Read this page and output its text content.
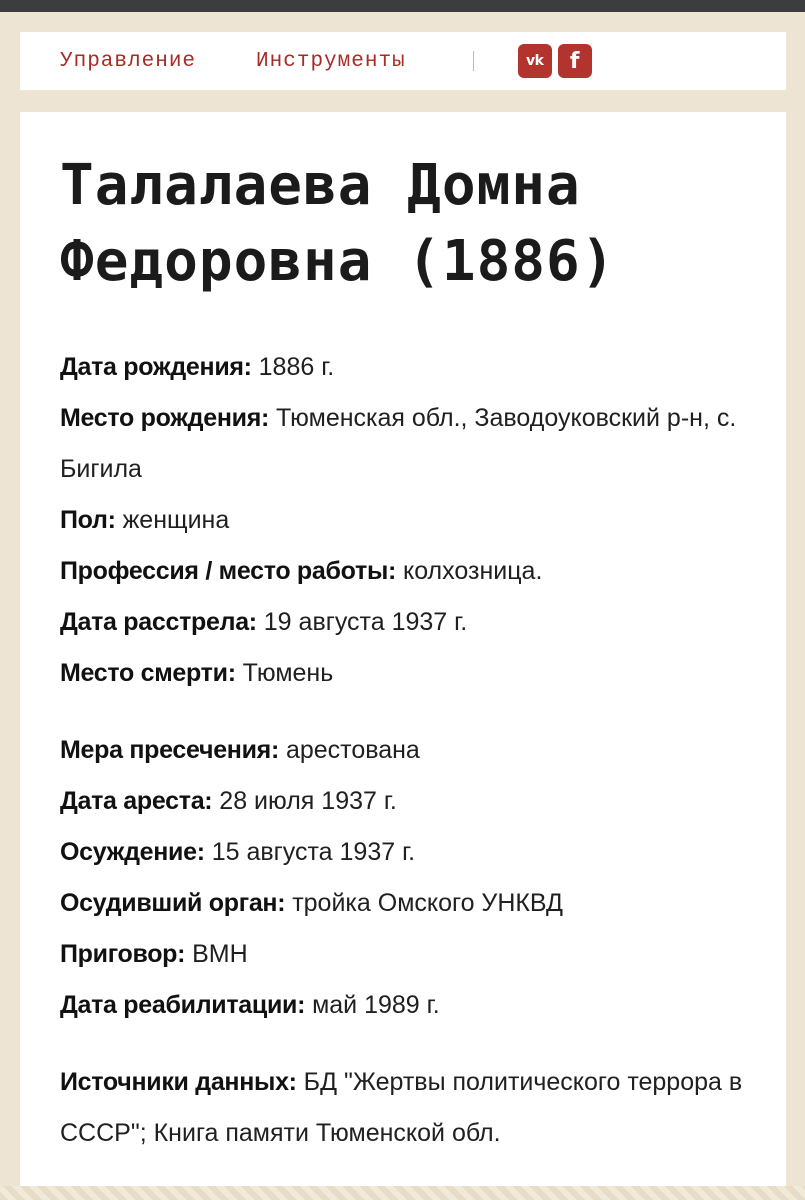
Управление	Инструменты	vk	f
Талалаева Домна Федоровна (1886)
Дата рождения: 1886 г.
Место рождения: Тюменская обл., Заводоуковский р-н, с. Бигила
Пол: женщина
Профессия / место работы: колхозница.
Дата расстрела: 19 августа 1937 г.
Место смерти: Тюмень
Мера пресечения: арестована
Дата ареста: 28 июля 1937 г.
Осуждение: 15 августа 1937 г.
Осудивший орган: тройка Омского УНКВД
Приговор: ВМН
Дата реабилитации: май 1989 г.
Источники данных: БД "Жертвы политического террора в СССР"; Книга памяти Тюменской обл.
